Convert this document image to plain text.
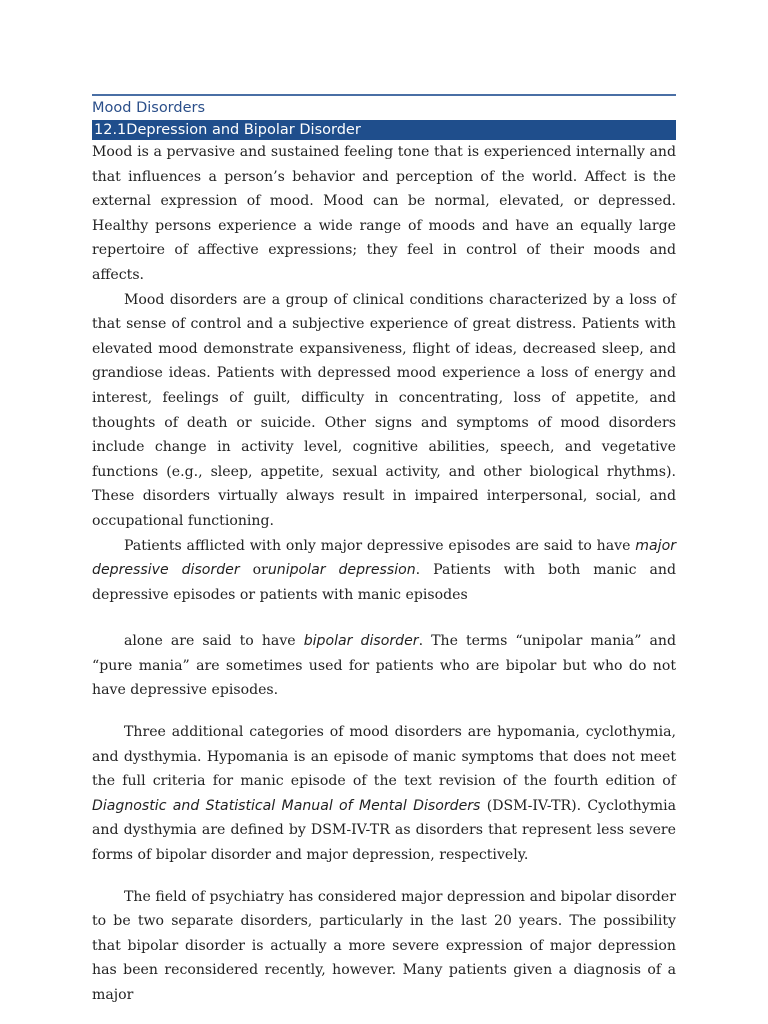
Mood Disorders
12.1Depression and Bipolar Disorder

Mood is a pervasive and sustained feeling tone that is experienced internally and that influences a person’s behavior and perception of the world. Affect is the external expression of mood. Mood can be normal, elevated, or depressed. Healthy persons experience a wide range of moods and have an equally large repertoire of affective expressions; they feel in control of their moods and affects.

Mood disorders are a group of clinical conditions characterized by a loss of that sense of control and a subjective experience of great distress. Patients with elevated mood demonstrate expansiveness, flight of ideas, decreased sleep, and grandiose ideas. Patients with depressed mood experience a loss of energy and interest, feelings of guilt, difficulty in concentrating, loss of appetite, and thoughts of death or suicide. Other signs and symptoms of mood disorders include change in activity level, cognitive abilities, speech, and vegetative functions (e.g., sleep, appetite, sexual activity, and other biological rhythms). These disorders virtually always result in impaired interpersonal, social, and occupational functioning.

Patients afflicted with only major depressive episodes are said to have major depressive disorder orunipolar depression. Patients with both manic and depressive episodes or patients with manic episodes

alone are said to have bipolar disorder. The terms “unipolar mania” and “pure mania” are sometimes used for patients who are bipolar but who do not have depressive episodes.

Three additional categories of mood disorders are hypomania, cyclothymia, and dysthymia. Hypomania is an episode of manic symptoms that does not meet the full criteria for manic episode of the text revision of the fourth edition of Diagnostic and Statistical Manual of Mental Disorders (DSM-IV-TR). Cyclothymia and dysthymia are defined by DSM-IV-TR as disorders that represent less severe forms of bipolar disorder and major depression, respectively.

The field of psychiatry has considered major depression and bipolar disorder to be two separate disorders, particularly in the last 20 years. The possibility that bipolar disorder is actually a more severe expression of major depression has been reconsidered recently, however. Many patients given a diagnosis of a major
